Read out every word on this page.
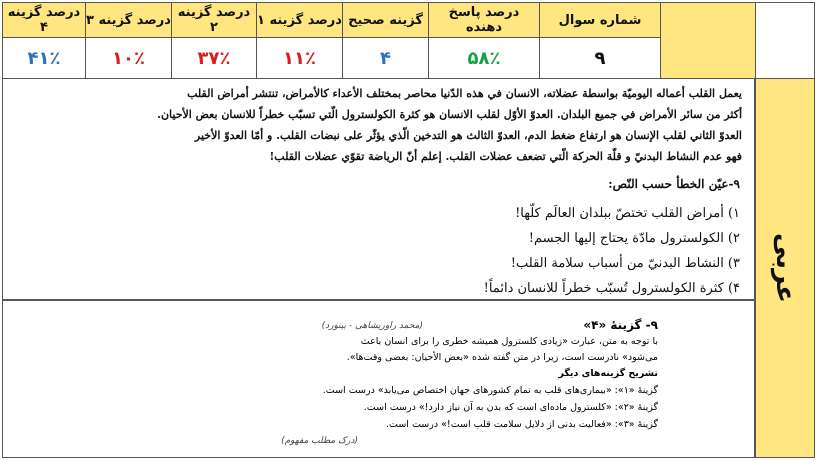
درصد گزینه ۴	درصد گزینه ۳	درصد گزینه ۲	درصد گزینه ۱	گزینه صحیح	درصد پاسخ دهنده	شماره سوال	
۴۱٪	۱۰٪	۳۷٪	۱۱٪	۴	۵۸٪	۹	
عربی
يعمل القلب أعماله اليوميّة بواسطة عضلاته، الانسان في هذه الدّنيا محاصر بمختلف الأعداء كالأمراض، تنتشر أمراض القلب
أكثر من سائر الأمراض في جميع البلدان. العدوّ الأوّل لقلب الانسان هو كثرة الكولسترول الّتي تسبّب خطراً للانسان بعض الأحيان.
العدوّ الثاني لقلب الإنسان هو ارتفاع ضغط الدم، العدوّ الثالث هو التدخين الّذي يؤثّر على نبضات القلب. و أمّا العدوّ الأخير
فهو عدم النشاط البدنيّ و قلّة الحركة الّتي تضعف عضلات القلب. إعلم أنّ الرياضة تقوّي عضلات القلب!
۹-عيّن الخطأ حسب النّص:
۱) أمراض القلب تختصّ ببلدان العالَم كلّها!
۲) الكولسترول مادّة يحتاج إليها الجسم!
۳) النشاط البدنيّ من أسباب سلامة القلب!
۴) كثرة الكولسترول تُسبّب خطراً للانسان دائماً!
۹- گزینهٔ «۴»
(محمد راوریشاهی - بینورد)
با توجه به متن، عبارت «زیادی کلسترول همیشه خطری را برای انسان باعث
می‌شود» نادرست است، زیرا در متن گفته شده «بعض الأحيان: بعضی وقت‌ها».
تشریح گزینه‌های دیگر
گزینهٔ «۱»: «بیماری‌های قلب به تمام کشورهای جهان اختصاص می‌یابد» درست است.
گزینهٔ «۲»: «کلسترول ماده‌ای است که بدن به آن نیاز دارد!» درست است.
گزینهٔ «۳»: «فعالیت بدنی از دلایل سلامت قلب است!» درست است.
(درک مطلب مفهوم)
